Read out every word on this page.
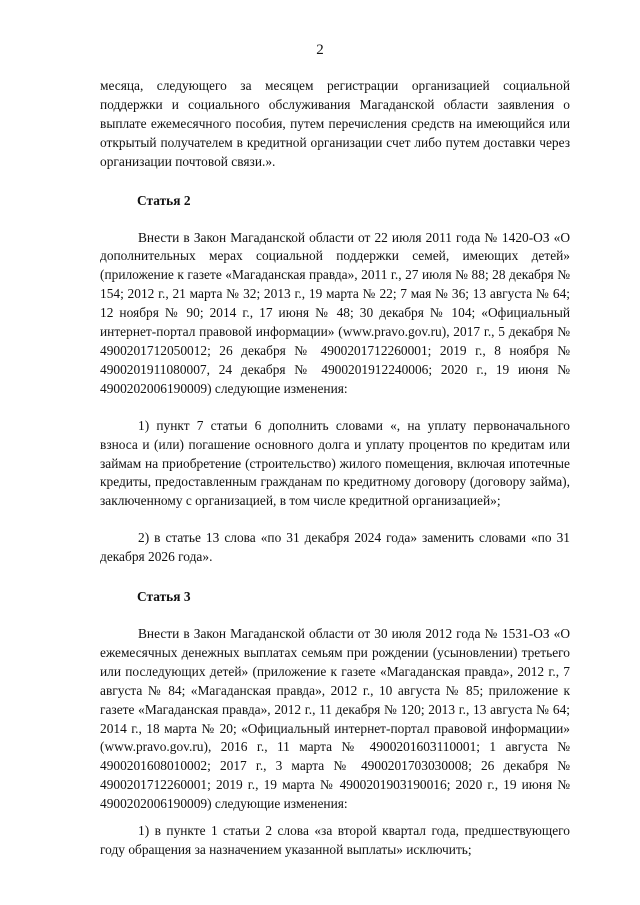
2

месяца, следующего за месяцем регистрации организацией социальной поддержки и социального обслуживания Магаданской области заявления о выплате ежемесячного пособия, путем перечисления средств на имеющийся или открытый получателем в кредитной организации счет либо путем доставки через организации почтовой связи.».

Статья 2

Внести в Закон Магаданской области от 22 июля 2011 года № 1420-ОЗ «О дополнительных мерах социальной поддержки семей, имеющих детей» (приложение к газете «Магаданская правда», 2011 г., 27 июля № 88; 28 декабря № 154; 2012 г., 21 марта № 32; 2013 г., 19 марта № 22; 7 мая № 36; 13 августа № 64; 12 ноября № 90; 2014 г., 17 июня № 48; 30 декабря № 104; «Официальный интернет-портал правовой информации» (www.pravo.gov.ru), 2017 г., 5 декабря № 4900201712050012; 26 декабря № 4900201712260001; 2019 г., 8 ноября № 4900201911080007, 24 декабря № 4900201912240006; 2020 г., 19 июня № 4900202006190009) следующие изменения:

1) пункт 7 статьи 6 дополнить словами «, на уплату первоначального взноса и (или) погашение основного долга и уплату процентов по кредитам или займам на приобретение (строительство) жилого помещения, включая ипотечные кредиты, предоставленным гражданам по кредитному договору (договору займа), заключенному с организацией, в том числе кредитной организацией»;

2) в статье 13 слова «по 31 декабря 2024 года» заменить словами «по 31 декабря 2026 года».

Статья 3

Внести в Закон Магаданской области от 30 июля 2012 года № 1531-ОЗ «О ежемесячных денежных выплатах семьям при рождении (усыновлении) третьего или последующих детей» (приложение к газете «Магаданская правда», 2012 г., 7 августа № 84; «Магаданская правда», 2012 г., 10 августа № 85; приложение к газете «Магаданская правда», 2012 г., 11 декабря № 120; 2013 г., 13 августа № 64; 2014 г., 18 марта № 20; «Официальный интернет-портал правовой информации» (www.pravo.gov.ru), 2016 г., 11 марта № 4900201603110001; 1 августа № 4900201608010002; 2017 г., 3 марта № 4900201703030008; 26 декабря № 4900201712260001; 2019 г., 19 марта № 4900201903190016; 2020 г., 19 июня № 4900202006190009) следующие изменения:

1) в пункте 1 статьи 2 слова «за второй квартал года, предшествующего году обращения за назначением указанной выплаты» исключить;
